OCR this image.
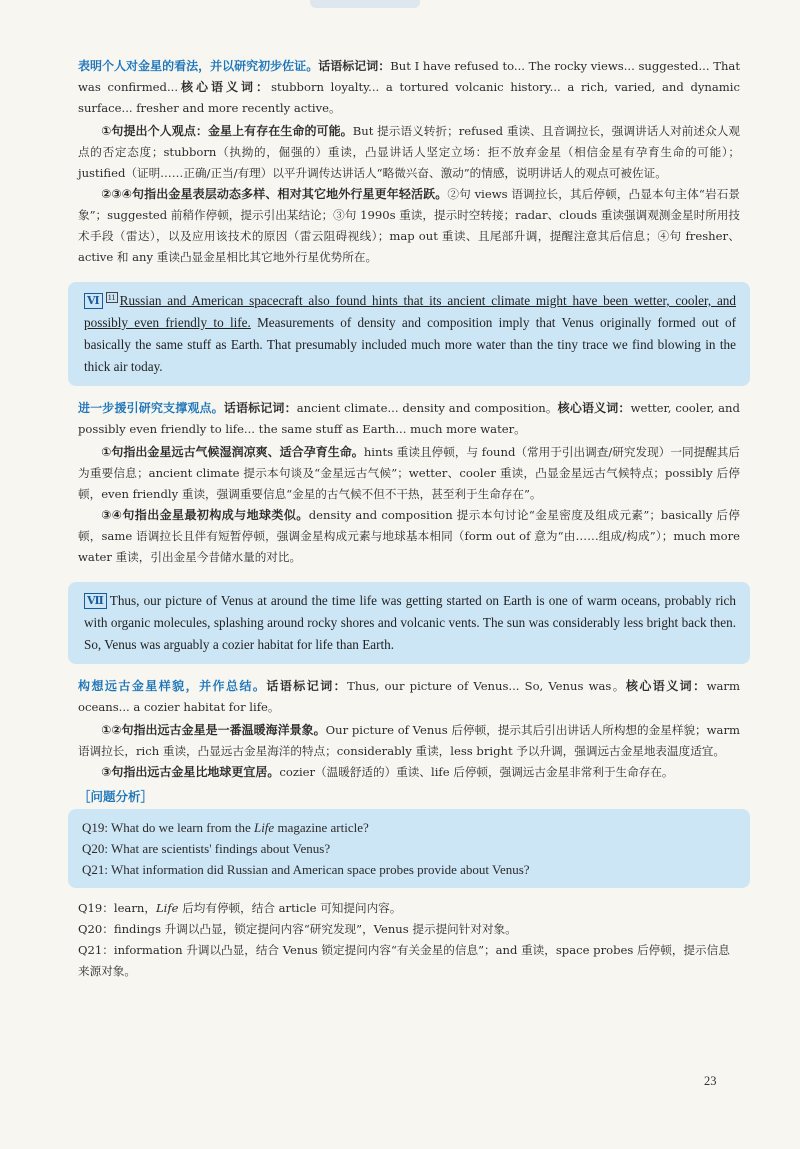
表明个人对金星的看法，并以研究初步佐证。话语标记词：But I have refused to... The rocky views... suggested... That was confirmed...核心语义词：stubborn loyalty... a tortured volcanic history... a rich, varied, and dynamic surface... fresher and more recently active。

①句提出个人观点：金星上有存在生命的可能。But 提示语义转折；refused 重读、且音调拉长，强调讲话人对前述众人观点的否定态度；stubborn（执拗的，倔强的）重读，凸显讲话人坚定立场：拒不放弃金星（相信金星有孕育生命的可能）；justified（证明……正确/正当/有理）以平升调传达讲话人“略微兴奋、激动”的情感，说明讲话人的观点可被佐证。

②③④句指出金星表层动态多样、相对其它地外行星更年轻活跃。②句 views 语调拉长，其后停顿，凸显本句主体“岩石景象”；suggested 前稍作停顿，提示引出某结论；③句 1990s 重读，提示时空转接；radar、clouds 重读强调观测金星时所用技术手段（雷达），以及应用该技术的原因（雷云阻碍视线）；map out 重读、且尾部升调，提醒注意其后信息；④句 fresher、active 和 any 重读凸显金星相比其它地外行星优势所在。

Ⅵ 11 Russian and American spacecraft also found hints that its ancient climate might have been wetter, cooler, and possibly even friendly to life. Measurements of density and composition imply that Venus originally formed out of basically the same stuff as Earth. That presumably included much more water than the tiny trace we find blowing in the thick air today.

进一步援引研究支撑观点。话语标记词：ancient climate... density and composition。核心语义词：wetter, cooler, and possibly even friendly to life... the same stuff as Earth... much more water。

①句指出金星远古气候湿润凉爽、适合孕育生命。hints 重读且停顿，与 found（常用于引出调查/研究发现）一同提醒其后为重要信息；ancient climate 提示本句谈及“金星远古气候”；wetter、cooler 重读，凸显金星远古气候特点；possibly 后停顿，even friendly 重读，强调重要信息“金星的古气候不但不干热，甚至利于生命存在”。

③④句指出金星最初构成与地球类似。density and composition 提示本句讨论“金星密度及组成元素”；basically 后停顿，same 语调拉长且伴有短暂停顿，强调金星构成元素与地球基本相同（form out of 意为“由……组成/构成”）；much more water 重读，引出金星今昔储水量的对比。

Ⅶ Thus, our picture of Venus at around the time life was getting started on Earth is one of warm oceans, probably rich with organic molecules, splashing around rocky shores and volcanic vents. The sun was considerably less bright back then. So, Venus was arguably a cozier habitat for life than Earth.

构想远古金星样貌，并作总结。话语标记词：Thus, our picture of Venus... So, Venus was。核心语义词：warm oceans... a cozier habitat for life。

①②句指出远古金星是一番温暖海洋景象。Our picture of Venus 后停顿，提示其后引出讲话人所构想的金星样貌；warm 语调拉长，rich 重读，凸显远古金星海洋的特点；considerably 重读，less bright 予以升调，强调远古金星地表温度适宜。

③句指出远古金星比地球更宜居。cozier（温暖舒适的）重读、life 后停顿，强调远古金星非常利于生命存在。

［问题分析］
Q19: What do we learn from the Life magazine article?
Q20: What are scientists' findings about Venus?
Q21: What information did Russian and American space probes provide about Venus?

Q19：learn，Life 后均有停顿，结合 article 可知提问内容。

Q20：findings 升调以凸显，锁定提问内容“研究发现”，Venus 提示提问针对对象。

Q21：information 升调以凸显，结合 Venus 锁定提问内容“有关金星的信息”；and 重读，space probes 后停顿，提示信息来源对象。

23
